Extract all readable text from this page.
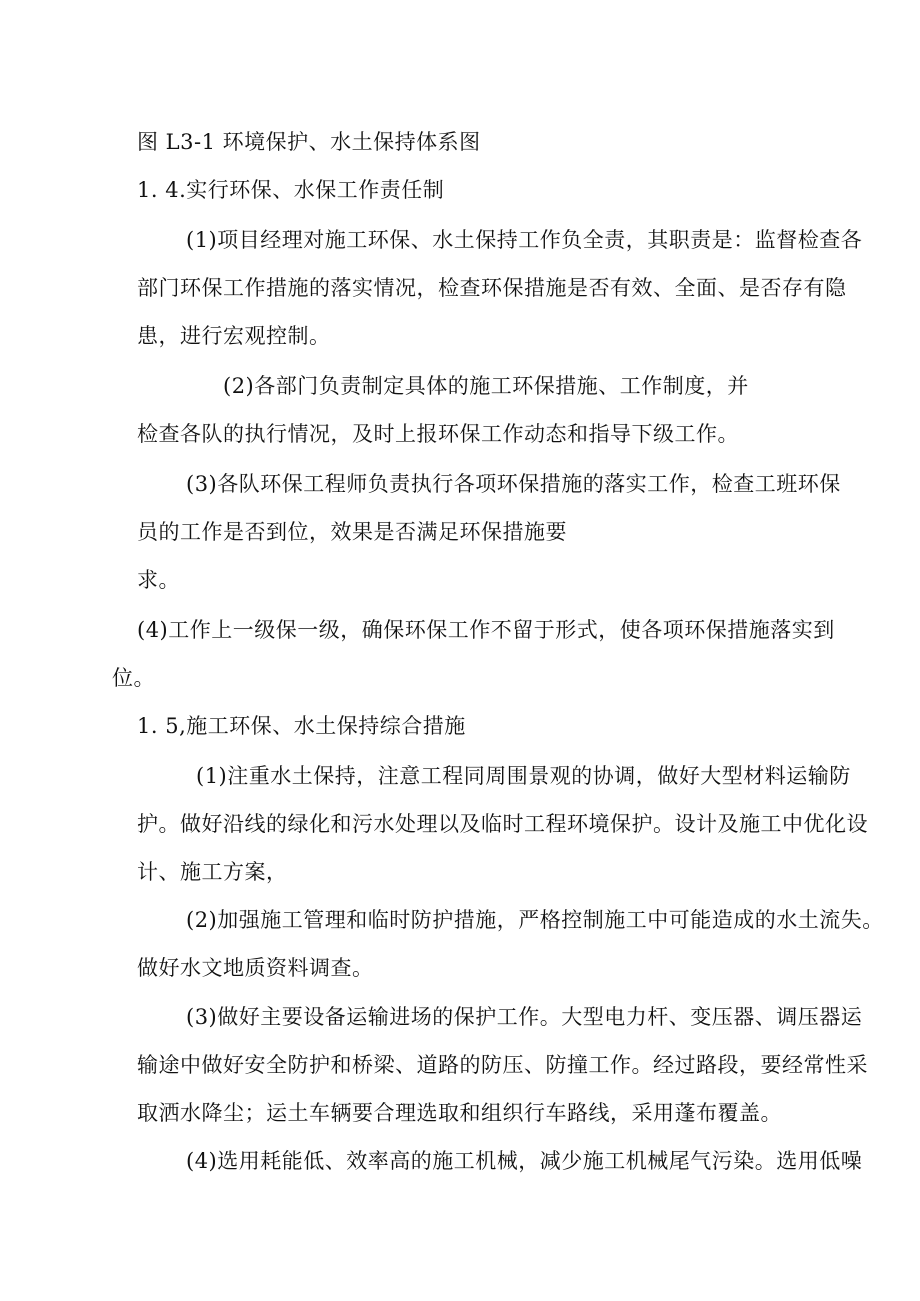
图 L3-1 环境保护、水土保持体系图
1. 4.实行环保、水保工作责任制
(1)项目经理对施工环保、水土保持工作负全责，其职责是：监督检查各
部门环保工作措施的落实情况，检查环保措施是否有效、全面、是否存有隐
患，进行宏观控制。
(2)各部门负责制定具体的施工环保措施、工作制度，并
检查各队的执行情况，及时上报环保工作动态和指导下级工作。
(3)各队环保工程师负责执行各项环保措施的落实工作，检查工班环保
员的工作是否到位，效果是否满足环保措施要
求。
(4)工作上一级保一级，确保环保工作不留于形式，使各项环保措施落实到
位。
1. 5,施工环保、水土保持综合措施
(1)注重水土保持，注意工程同周围景观的协调，做好大型材料运输防
护。做好沿线的绿化和污水处理以及临时工程环境保护。设计及施工中优化设
计、施工方案，
(2)加强施工管理和临时防护措施，严格控制施工中可能造成的水土流失。
做好水文地质资料调查。
(3)做好主要设备运输进场的保护工作。大型电力杆、变压器、调压器运
输途中做好安全防护和桥梁、道路的防压、防撞工作。经过路段，要经常性采
取洒水降尘；运土车辆要合理选取和组织行车路线，采用蓬布覆盖。
(4)选用耗能低、效率高的施工机械，减少施工机械尾气污染。选用低噪
